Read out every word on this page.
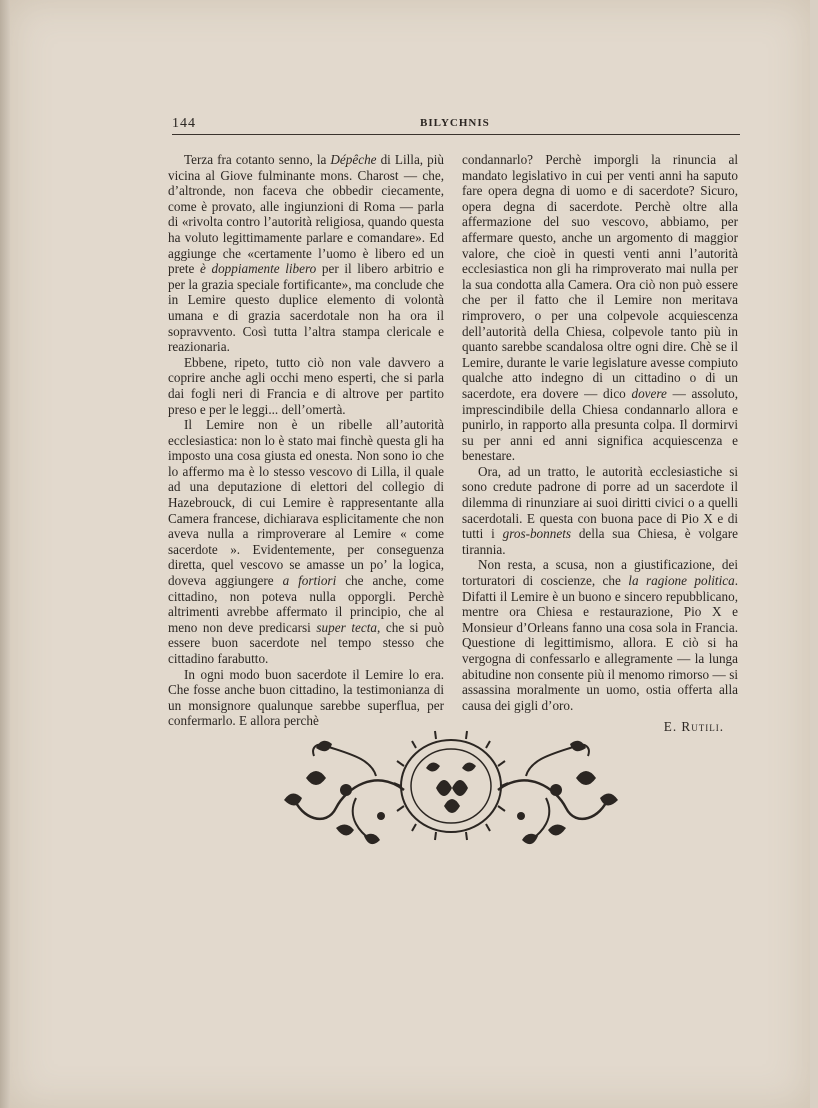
144	BILYCHNIS

Terza fra cotanto senno, la Dépêche di Lilla, più vicina al Giove fulminante mons. Charost — che, d’altronde, non faceva che obbedir ciecamente, come è provato, alle ingiunzioni di Roma — parla di «rivolta contro l’autorità religiosa, quando questa ha voluto legittimamente parlare e comandare». Ed aggiunge che «certamente l’uomo è libero ed un prete è doppiamente libero per il libero arbitrio e per la grazia speciale fortificante», ma conclude che in Lemire questo duplice elemento di volontà umana e di grazia sacerdotale non ha ora il sopravvento. Così tutta l’altra stampa clericale e reazionaria.

Ebbene, ripeto, tutto ciò non vale davvero a coprire anche agli occhi meno esperti, che si parla dai fogli neri di Francia e di altrove per partito preso e per le leggi... dell’omertà.

Il Lemire non è un ribelle all’autorità ecclesiastica: non lo è stato mai finchè questa gli ha imposto una cosa giusta ed onesta. Non sono io che lo affermo ma è lo stesso vescovo di Lilla, il quale ad una deputazione di elettori del collegio di Hazebrouck, di cui Lemire è rappresentante alla Camera francese, dichiarava esplicitamente che non aveva nulla a rimproverare al Lemire « come sacerdote ». Evidentemente, per conseguenza diretta, quel vescovo se amasse un po’ la logica, doveva aggiungere a fortiori che anche, come cittadino, non poteva nulla opporgli. Perchè altrimenti avrebbe affermato il principio, che al meno non deve predicarsi super tecta, che si può essere buon sacerdote nel tempo stesso che cittadino farabutto.

In ogni modo buon sacerdote il Lemire lo era. Che fosse anche buon cittadino, la testimonianza di un monsignore qualunque sarebbe superflua, per confermarlo. E allora perchè

condannarlo? Perchè imporgli la rinuncia al mandato legislativo in cui per venti anni ha saputo fare opera degna di uomo e di sacerdote? Sicuro, opera degna di sacerdote. Perchè oltre alla affermazione del suo vescovo, abbiamo, per affermare questo, anche un argomento di maggior valore, che cioè in questi venti anni l’autorità ecclesiastica non gli ha rimproverato mai nulla per la sua condotta alla Camera. Ora ciò non può essere che per il fatto che il Lemire non meritava rimprovero, o per una colpevole acquiescenza dell’autorità della Chiesa, colpevole tanto più in quanto sarebbe scandalosa oltre ogni dire. Chè se il Lemire, durante le varie legislature avesse compiuto qualche atto indegno di un cittadino o di un sacerdote, era dovere — dico dovere — assoluto, imprescindibile della Chiesa condannarlo allora e punirlo, in rapporto alla presunta colpa. Il dormirvi su per anni ed anni significa acquiescenza e benestare.

Ora, ad un tratto, le autorità ecclesiastiche si sono credute padrone di porre ad un sacerdote il dilemma di rinunziare ai suoi diritti civici o a quelli sacerdotali. E questa con buona pace di Pio X e di tutti i gros-bonnets della sua Chiesa, è volgare tirannia.

Non resta, a scusa, non a giustificazione, dei torturatori di coscienze, che la ragione politica. Difatti il Lemire è un buono e sincero repubblicano, mentre ora Chiesa e restaurazione, Pio X e Monsieur d’Orleans fanno una cosa sola in Francia. Questione di legittimismo, allora. E ciò si ha vergogna di confessarlo e allegramente — la lunga abitudine non consente più il menomo rimorso — si assassina moralmente un uomo, ostia offerta alla causa dei gigli d’oro.

E. Rutili.
